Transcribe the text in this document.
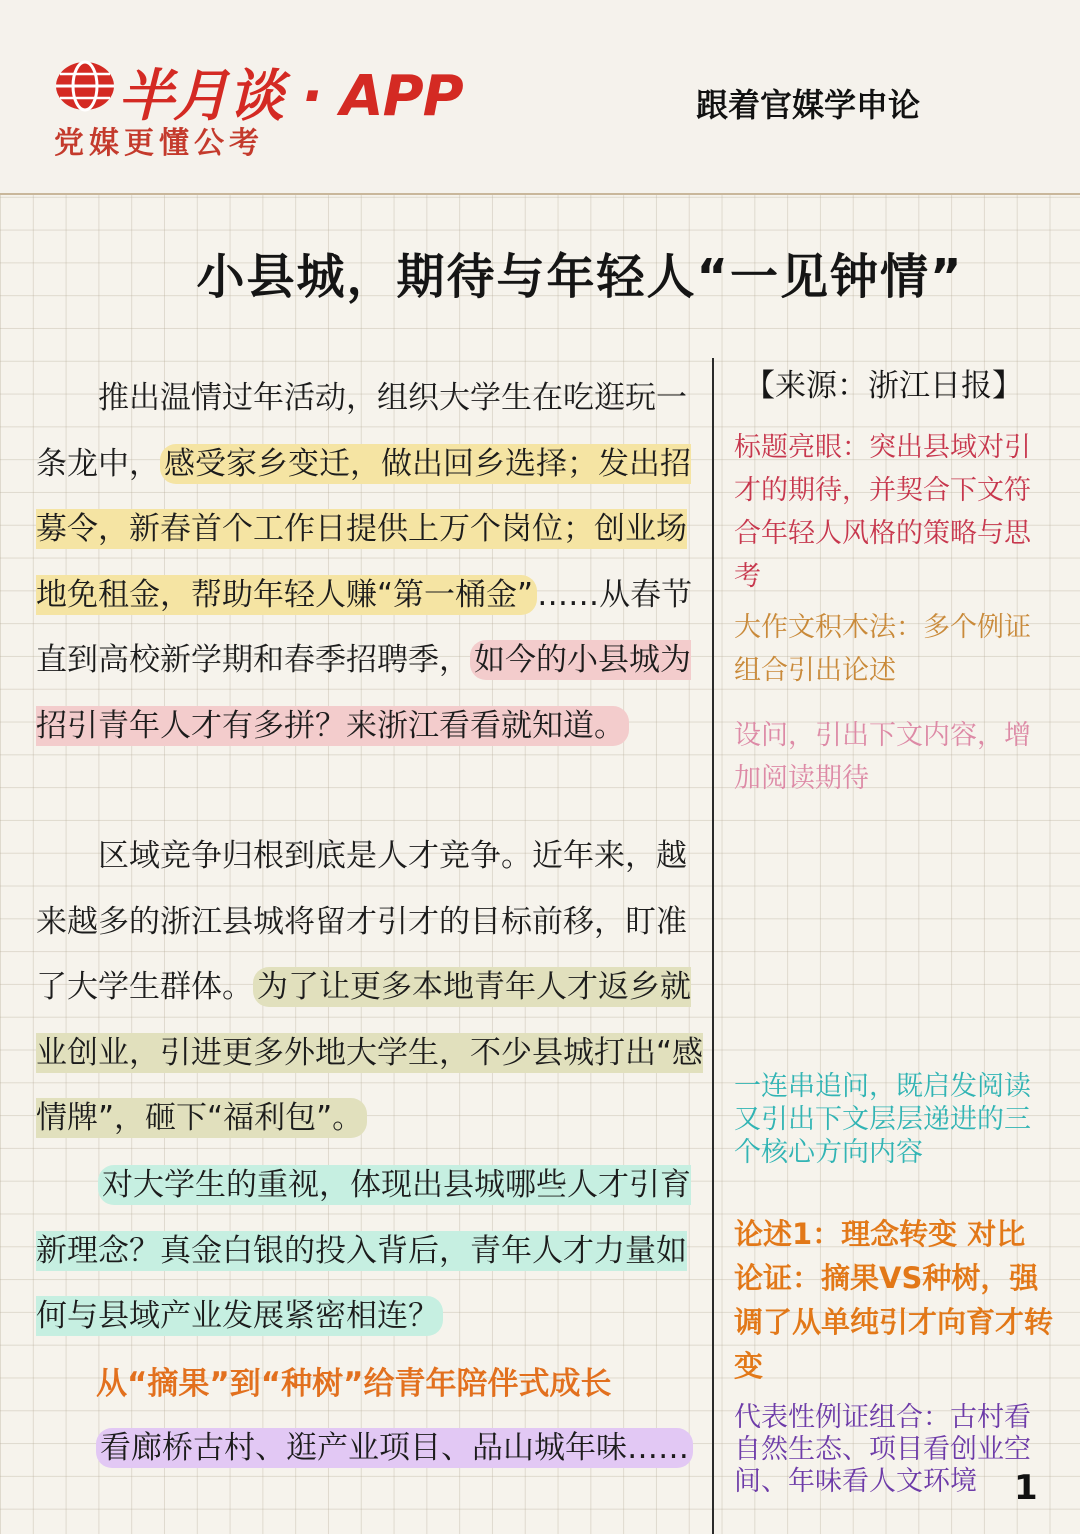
半月谈 · APP
党媒更懂公考
跟着官媒学申论
小县城，期待与年轻人“一见钟情”

推出温情过年活动，组织大学生在吃逛玩一条龙中， 感受家乡变迁，做出回乡选择；发出招募令，新春首个工作日提供上万个岗位；创业场地免租金，帮助年轻人赚“第一桶金” ……从春节直到高校新学期和春季招聘季， 如今的小县城为招引青年人才有多拼？来浙江看看就知道。

区域竞争归根到底是人才竞争。近年来，越来越多的浙江县城将留才引才的目标前移，盯准了大学生群体。 为了让更多本地青年人才返乡就业创业，引进更多外地大学生，不少县城打出“感情牌”，砸下“福利包”。

对大学生的重视，体现出县城哪些人才引育新理念？真金白银的投入背后，青年人才力量如何与县域产业发展紧密相连？

从“摘果”到“种树”给青年陪伴式成长

看廊桥古村、逛产业项目、品山城年味……

【来源：浙江日报】
标题亮眼：突出县域对引才的期待，并契合下文符合年轻人风格的策略与思考
大作文积木法：多个例证组合引出论述
设问，引出下文内容，增加阅读期待
一连串追问，既启发阅读又引出下文层层递进的三个核心方向内容
论述1：理念转变 对比论证：摘果VS种树，强调了从单纯引才向育才转变
代表性例证组合：古村看自然生态、项目看创业空间、年味看人文环境	1
